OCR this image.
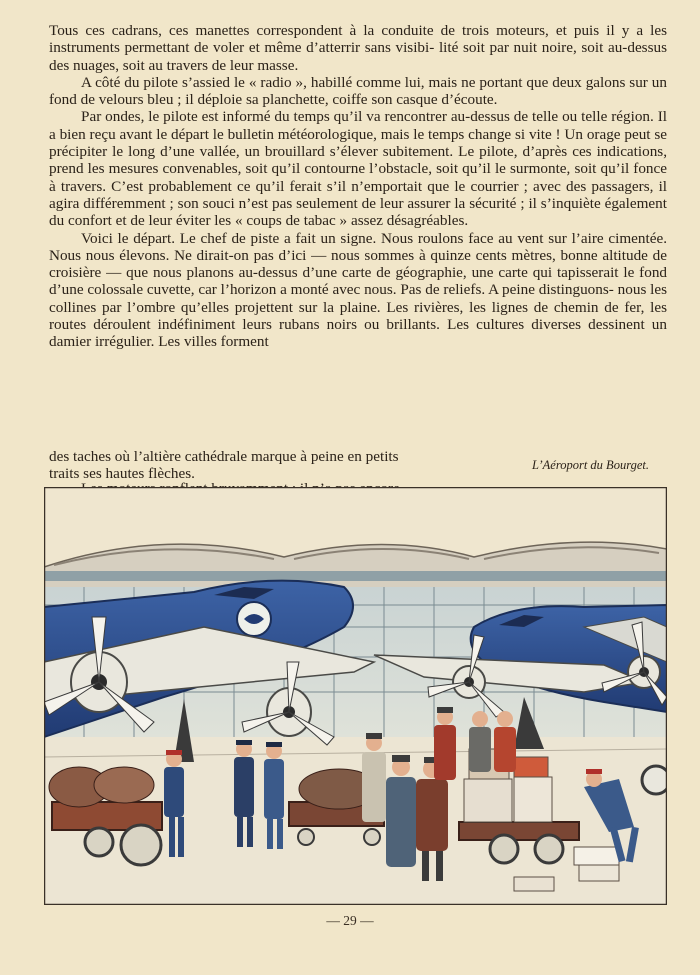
Tous ces cadrans, ces manettes correspondent à la conduite de trois moteurs, et puis il y a les instruments permettant de voler et même d’atterrir sans visibi- lité soit par nuit noire, soit au-dessus des nuages, soit au travers de leur masse.

A côté du pilote s’assied le « radio », habillé comme lui, mais ne portant que deux galons sur un fond de velours bleu ; il déploie sa planchette, coiffe son casque d’écoute.

Par ondes, le pilote est informé du temps qu’il va rencontrer au-dessus de telle ou telle région. Il a bien reçu avant le départ le bulletin météorologique, mais le temps change si vite ! Un orage peut se précipiter le long d’une vallée, un brouillard s’élever subitement. Le pilote, d’après ces indications, prend les mesures convenables, soit qu’il contourne l’obstacle, soit qu’il le surmonte, soit qu’il fonce à travers. C’est probablement ce qu’il ferait s’il n’emportait que le courrier ; avec des passagers, il agira différemment ; son souci n’est pas seulement de leur assurer la sécurité ; il s’inquiète également du confort et de leur éviter les « coups de tabac » assez désagréables.

Voici le départ. Le chef de piste a fait un signe. Nous roulons face au vent sur l’aire cimentée. Nous nous élevons. Ne dirait-on pas d’ici — nous sommes à quinze cents mètres, bonne altitude de croisière — que nous planons au-dessus d’une carte de géographie, une carte qui tapisserait le fond d’une colossale cuvette, car l’horizon a monté avec nous. Pas de reliefs. A peine distinguons- nous les collines par l’ombre qu’elles projettent sur la plaine. Les rivières, les lignes de chemin de fer, les routes déroulent indéfiniment leurs rubans noirs ou brillants. Les cultures diverses dessinent un damier irrégulier. Les villes forment

des taches où l’altière cathédrale marque à peine en petits
traits ses hautes flèches.
L’Aéroport du Bourget.
— 29 —
